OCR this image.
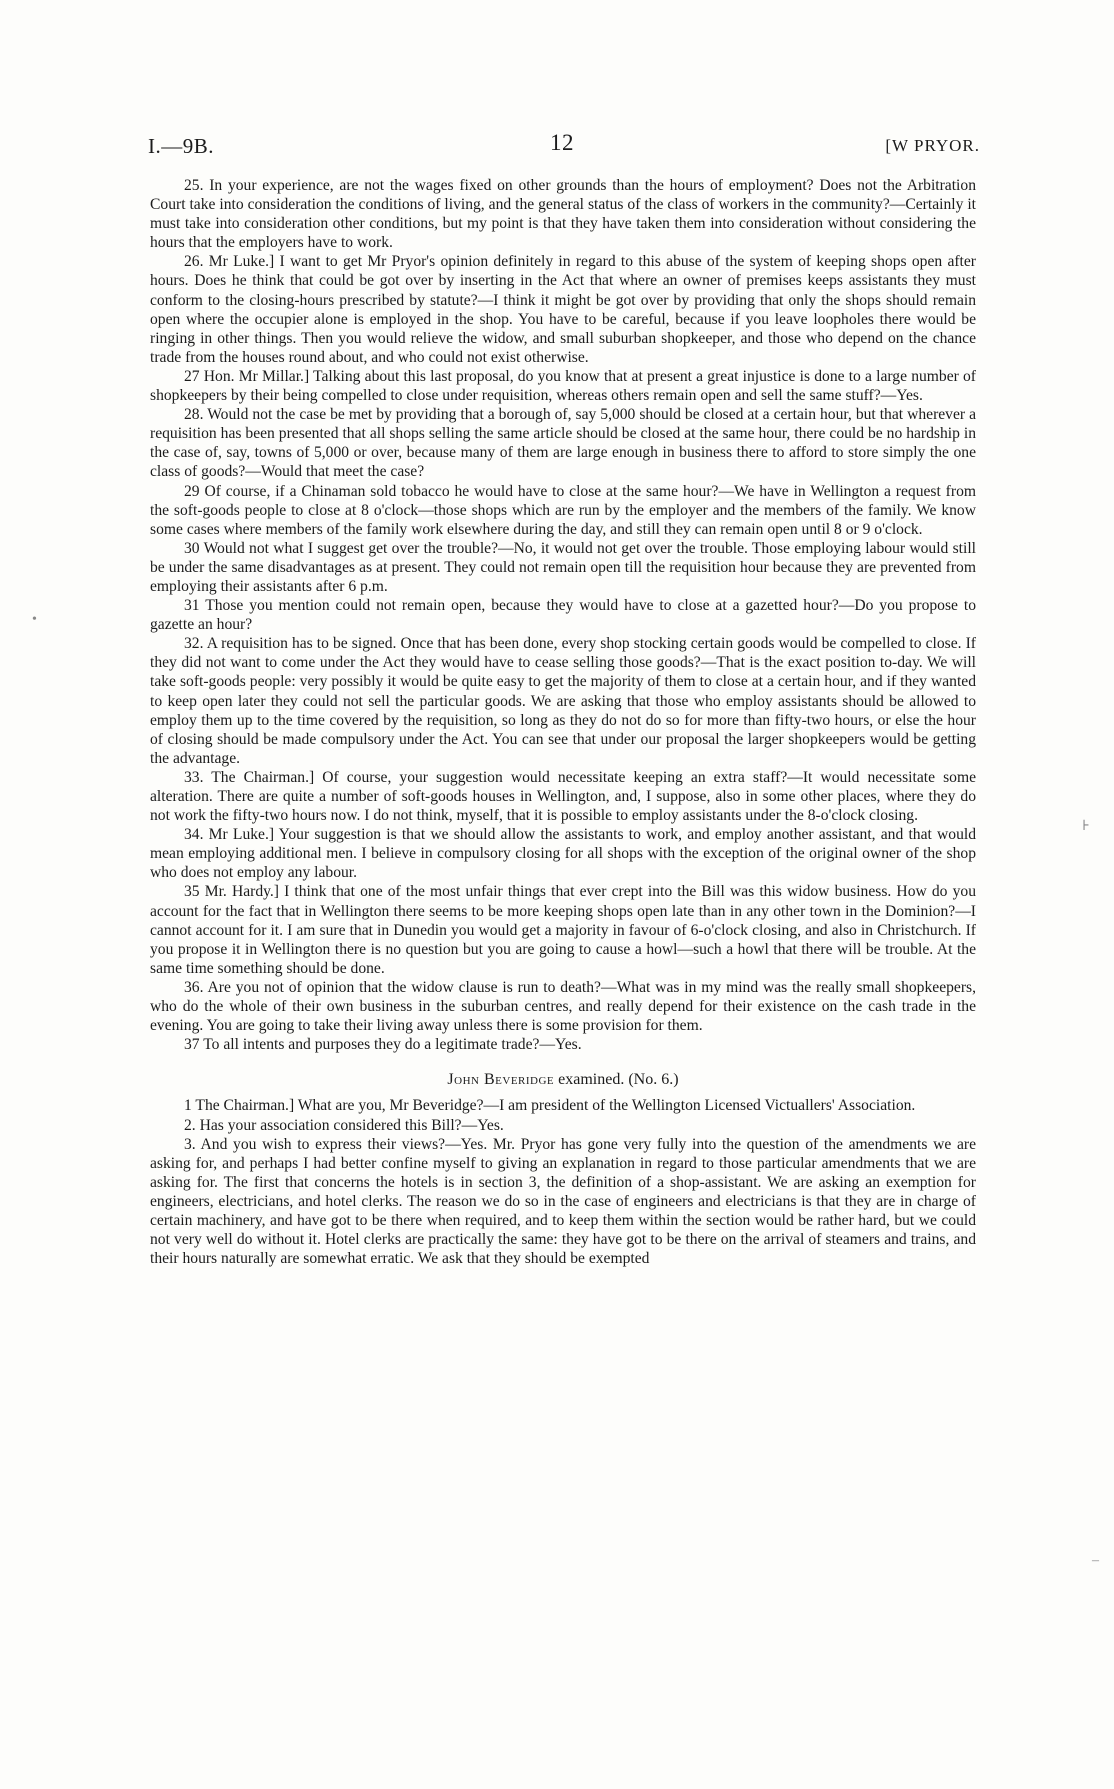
I.—9B.	12	[W PRYOR.

25. In your experience, are not the wages fixed on other grounds than the hours of employment? Does not the Arbitration Court take into consideration the conditions of living, and the general status of the class of workers in the community?—Certainly it must take into consideration other conditions, but my point is that they have taken them into consideration without considering the hours that the employers have to work.

26. Mr Luke.] I want to get Mr Pryor's opinion definitely in regard to this abuse of the system of keeping shops open after hours. Does he think that could be got over by inserting in the Act that where an owner of premises keeps assistants they must conform to the closing-hours prescribed by statute?—I think it might be got over by providing that only the shops should remain open where the occupier alone is employed in the shop. You have to be careful, because if you leave loopholes there would be ringing in other things. Then you would relieve the widow, and small suburban shopkeeper, and those who depend on the chance trade from the houses round about, and who could not exist otherwise.

27 Hon. Mr Millar.] Talking about this last proposal, do you know that at present a great injustice is done to a large number of shopkeepers by their being compelled to close under requisition, whereas others remain open and sell the same stuff?—Yes.

28. Would not the case be met by providing that a borough of, say 5,000 should be closed at a certain hour, but that wherever a requisition has been presented that all shops selling the same article should be closed at the same hour, there could be no hardship in the case of, say, towns of 5,000 or over, because many of them are large enough in business there to afford to store simply the one class of goods?—Would that meet the case?

29 Of course, if a Chinaman sold tobacco he would have to close at the same hour?—We have in Wellington a request from the soft-goods people to close at 8 o'clock—those shops which are run by the employer and the members of the family. We know some cases where members of the family work elsewhere during the day, and still they can remain open until 8 or 9 o'clock.

30 Would not what I suggest get over the trouble?—No, it would not get over the trouble. Those employing labour would still be under the same disadvantages as at present. They could not remain open till the requisition hour because they are prevented from employing their assistants after 6 p.m.

31 Those you mention could not remain open, because they would have to close at a gazetted hour?—Do you propose to gazette an hour?

32. A requisition has to be signed. Once that has been done, every shop stocking certain goods would be compelled to close. If they did not want to come under the Act they would have to cease selling those goods?—That is the exact position to-day. We will take soft-goods people: very possibly it would be quite easy to get the majority of them to close at a certain hour, and if they wanted to keep open later they could not sell the particular goods. We are asking that those who employ assistants should be allowed to employ them up to the time covered by the requisition, so long as they do not do so for more than fifty-two hours, or else the hour of closing should be made compulsory under the Act. You can see that under our proposal the larger shopkeepers would be getting the advantage.

33. The Chairman.] Of course, your suggestion would necessitate keeping an extra staff?—It would necessitate some alteration. There are quite a number of soft-goods houses in Wellington, and, I suppose, also in some other places, where they do not work the fifty-two hours now. I do not think, myself, that it is possible to employ assistants under the 8-o'clock closing.

34. Mr Luke.] Your suggestion is that we should allow the assistants to work, and employ another assistant, and that would mean employing additional men. I believe in compulsory closing for all shops with the exception of the original owner of the shop who does not employ any labour.

35 Mr. Hardy.] I think that one of the most unfair things that ever crept into the Bill was this widow business. How do you account for the fact that in Wellington there seems to be more keeping shops open late than in any other town in the Dominion?—I cannot account for it. I am sure that in Dunedin you would get a majority in favour of 6-o'clock closing, and also in Christchurch. If you propose it in Wellington there is no question but you are going to cause a howl—such a howl that there will be trouble. At the same time something should be done.

36. Are you not of opinion that the widow clause is run to death?—What was in my mind was the really small shopkeepers, who do the whole of their own business in the suburban centres, and really depend for their existence on the cash trade in the evening. You are going to take their living away unless there is some provision for them.

37 To all intents and purposes they do a legitimate trade?—Yes.

John Beveridge examined. (No. 6.)

1 The Chairman.] What are you, Mr Beveridge?—I am president of the Wellington Licensed Victuallers' Association.

2. Has your association considered this Bill?—Yes.

3. And you wish to express their views?—Yes. Mr. Pryor has gone very fully into the question of the amendments we are asking for, and perhaps I had better confine myself to giving an explanation in regard to those particular amendments that we are asking for. The first that concerns the hotels is in section 3, the definition of a shop-assistant. We are asking an exemption for engineers, electricians, and hotel clerks. The reason we do so in the case of engineers and electricians is that they are in charge of certain machinery, and have got to be there when required, and to keep them within the section would be rather hard, but we could not very well do without it. Hotel clerks are practically the same: they have got to be there on the arrival of steamers and trains, and their hours naturally are somewhat erratic. We ask that they should be exempted

•
⊦
–
